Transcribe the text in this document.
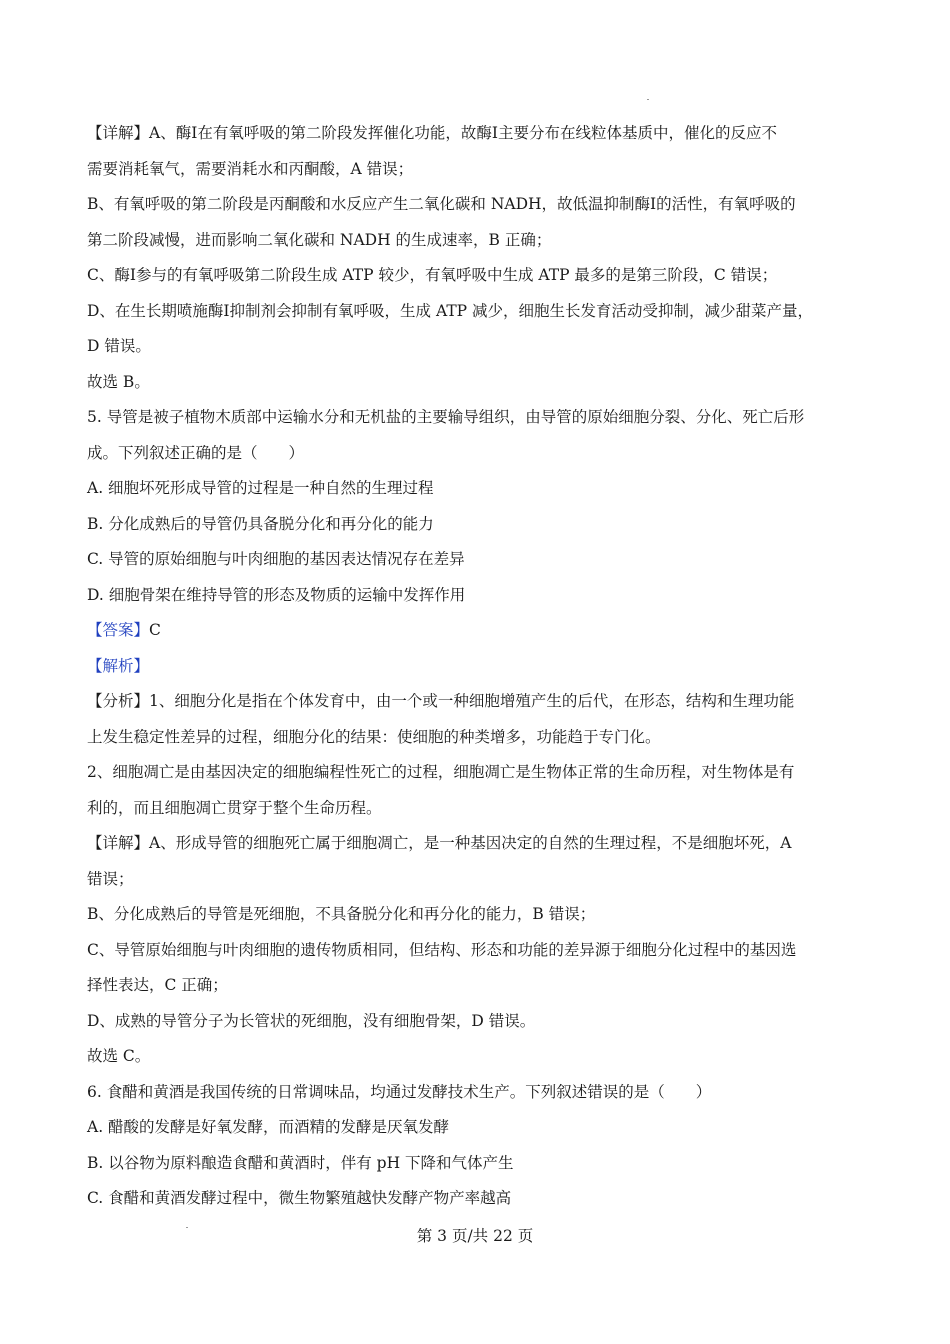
【详解】A、酶Ⅰ在有氧呼吸的第二阶段发挥催化功能，故酶Ⅰ主要分布在线粒体基质中，催化的反应不
需要消耗氧气，需要消耗水和丙酮酸，A 错误；
B、有氧呼吸的第二阶段是丙酮酸和水反应产生二氧化碳和 NADH，故低温抑制酶Ⅰ的活性，有氧呼吸的
第二阶段减慢，进而影响二氧化碳和 NADH 的生成速率，B 正确；
C、酶Ⅰ参与的有氧呼吸第二阶段生成 ATP 较少，有氧呼吸中生成 ATP 最多的是第三阶段，C 错误；
D、在生长期喷施酶Ⅰ抑制剂会抑制有氧呼吸，生成 ATP 减少，细胞生长发育活动受抑制，减少甜菜产量，
D 错误。
故选 B。
5. 导管是被子植物木质部中运输水分和无机盐的主要输导组织，由导管的原始细胞分裂、分化、死亡后形
成。下列叙述正确的是（　　）
A. 细胞坏死形成导管的过程是一种自然的生理过程
B. 分化成熟后的导管仍具备脱分化和再分化的能力
C. 导管的原始细胞与叶肉细胞的基因表达情况存在差异
D. 细胞骨架在维持导管的形态及物质的运输中发挥作用
【答案】C
【解析】
【分析】1、细胞分化是指在个体发育中，由一个或一种细胞增殖产生的后代，在形态，结构和生理功能
上发生稳定性差异的过程，细胞分化的结果：使细胞的种类增多，功能趋于专门化。
2、细胞凋亡是由基因决定的细胞编程性死亡的过程，细胞凋亡是生物体正常的生命历程，对生物体是有
利的，而且细胞凋亡贯穿于整个生命历程。
【详解】A、形成导管的细胞死亡属于细胞凋亡，是一种基因决定的自然的生理过程，不是细胞坏死，A
错误；
B、分化成熟后的导管是死细胞，不具备脱分化和再分化的能力，B 错误；
C、导管原始细胞与叶肉细胞的遗传物质相同，但结构、形态和功能的差异源于细胞分化过程中的基因选
择性表达，C 正确；
D、成熟的导管分子为长管状的死细胞，没有细胞骨架，D 错误。
故选 C。
6. 食醋和黄酒是我国传统的日常调味品，均通过发酵技术生产。下列叙述错误的是（　　）
A. 醋酸的发酵是好氧发酵，而酒精的发酵是厌氧发酵
B. 以谷物为原料酿造食醋和黄酒时，伴有 pH 下降和气体产生
C. 食醋和黄酒发酵过程中，微生物繁殖越快发酵产物产率越高
第 3 页/共 22 页
